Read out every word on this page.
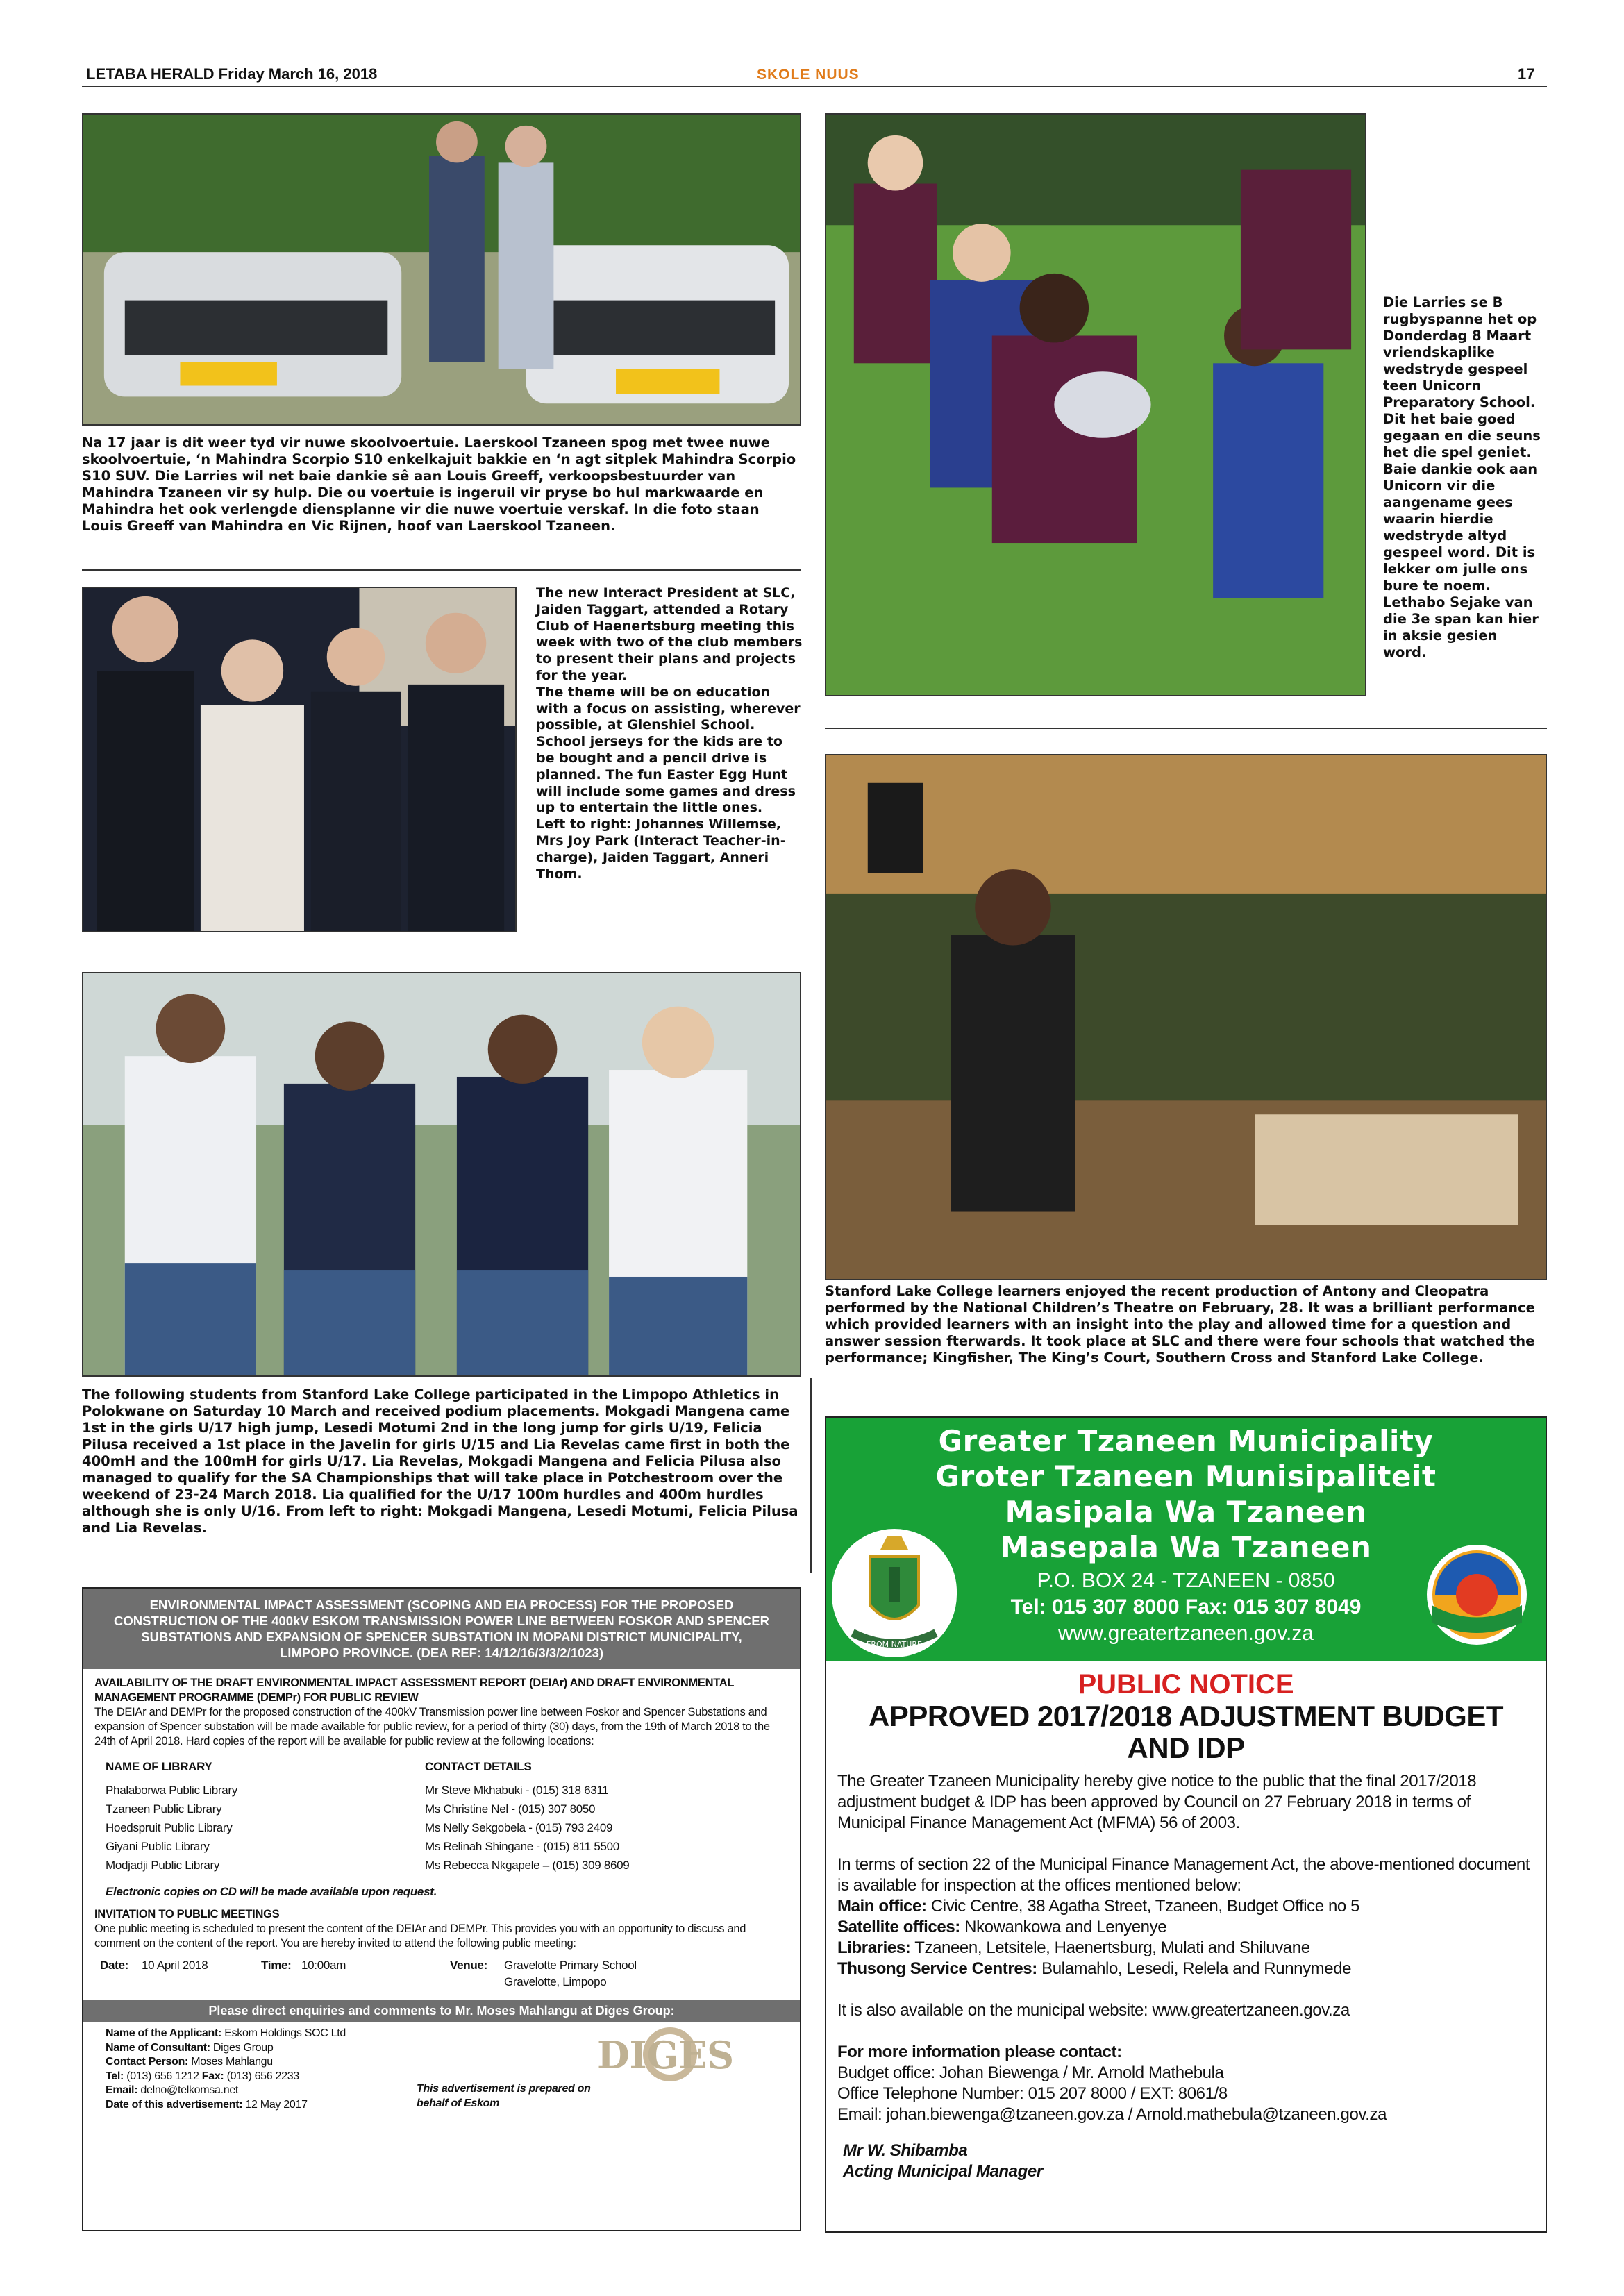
LETABA HERALD Friday March 16, 2018	SKOLE NUUS	17
Na 17 jaar is dit weer tyd vir nuwe skoolvoertuie. Laerskool Tzaneen spog met twee nuwe skoolvoertuie, ‘n Mahindra Scorpio S10 enkelkajuit bakkie en ‘n agt sitplek Mahindra Scorpio S10 SUV. Die Larries wil net baie dankie sê aan Louis Greeff, verkoopsbestuurder van Mahindra Tzaneen vir sy hulp. Die ou voertuie is ingeruil vir pryse bo hul markwaarde en Mahindra het ook verlengde diensplanne vir die nuwe voertuie verskaf. In die foto staan Louis Greeff van Mahindra en Vic Rijnen, hoof van Laerskool Tzaneen.

The new Interact President at SLC, Jaiden Taggart, attended a Rotary Club of Haenertsburg meeting this week with two of the club members to present their plans and projects for the year.

The theme will be on education with a focus on assisting, wherever possible, at Glenshiel School. School jerseys for the kids are to be bought and a pencil drive is planned. The fun Easter Egg Hunt will include some games and dress up to entertain the little ones.

Left to right: Johannes Willemse, Mrs Joy Park (Interact Teacher-in-charge), Jaiden Taggart, Anneri Thom.

The following students from Stanford Lake College participated in the Limpopo Athletics in Polokwane on Saturday 10 March and received podium placements. Mokgadi Mangena came 1st in the girls U/17 high jump, Lesedi Motumi 2nd in the long jump for girls U/19, Felicia Pilusa received a 1st place in the Javelin for girls U/15 and Lia Revelas came first in both the 400mH and the 100mH for girls U/17. Lia Revelas, Mokgadi Mangena and Felicia Pilusa also managed to qualify for the SA Championships that will take place in Potchestroom over the weekend of 23-24 March 2018. Lia qualified for the U/17 100m hurdles and 400m hurdles although she is only U/16. From left to right: Mokgadi Mangena, Lesedi Motumi, Felicia Pilusa and Lia Revelas.
Die Larries se B rugbyspanne het op Donderdag 8 Maart vriendskaplike wedstryde gespeel teen Unicorn Preparatory School. Dit het baie goed gegaan en die seuns het die spel geniet. Baie dankie ook aan Unicorn vir die aangename gees waarin hierdie wedstryde altyd gespeel word. Dit is lekker om julle ons bure te noem. Lethabo Sejake van die 3e span kan hier in aksie gesien word.
Stanford Lake College learners enjoyed the recent production of Antony and Cleopatra performed by the National Children’s Theatre on February, 28. It was a brilliant performance which provided learners with an insight into the play and allowed time for a question and answer session fterwards. It took place at SLC and there were four schools that watched the performance; Kingfisher, The King’s Court, Southern Cross and Stanford Lake College.
ENVIRONMENTAL IMPACT ASSESSMENT (SCOPING AND EIA PROCESS) FOR THE PROPOSED CONSTRUCTION OF THE 400kV ESKOM TRANSMISSION POWER LINE BETWEEN FOSKOR AND SPENCER SUBSTATIONS AND EXPANSION OF SPENCER SUBSTATION IN MOPANI DISTRICT MUNICIPALITY, LIMPOPO PROVINCE. (DEA REF: 14/12/16/3/3/2/1023)
AVAILABILITY OF THE DRAFT ENVIRONMENTAL IMPACT ASSESSMENT REPORT (DEIAr) AND DRAFT ENVIRONMENTAL MANAGEMENT PROGRAMME (DEMPr) FOR PUBLIC REVIEW
The DEIAr and DEMPr for the proposed construction of the 400kV Transmission power line between Foskor and Spencer Substations and expansion of Spencer substation will be made available for public review, for a period of thirty (30) days, from the 19th of March 2018 to the 24th of April 2018. Hard copies of the report will be available for public review at the following locations:
NAME OF LIBRARY	CONTACT DETAILS
Phalaborwa Public Library	Mr Steve Mkhabuki - (015) 318 6311
Tzaneen Public Library	Ms Christine Nel - (015) 307 8050
Hoedspruit Public Library	Ms Nelly Sekgobela - (015) 793 2409
Giyani Public Library	Ms Relinah Shingane - (015) 811 5500
Modjadji Public Library	Ms Rebecca Nkgapele – (015) 309 8609
Electronic copies on CD will be made available upon request.
INVITATION TO PUBLIC MEETINGS
One public meeting is scheduled to present the content of the DEIAr and DEMPr. This provides you with an opportunity to discuss and comment on the content of the report. You are hereby invited to attend the following public meeting:
Date: 10 April 2018	Time: 10:00am	Venue: Gravelotte Primary School
Gravelotte, Limpopo
Please direct enquiries and comments to Mr. Moses Mahlangu at Diges Group:
Name of the Applicant: Eskom Holdings SOC Ltd
Name of Consultant: Diges Group
Contact Person: Moses Mahlangu
Tel: (013) 656 1212 Fax: (013) 656 2233
Email: delno@telkomsa.net
Date of this advertisement: 12 May 2017
This advertisement is prepared on behalf of Eskom
DIGES
Greater Tzaneen Municipality
Groter Tzaneen Munisipaliteit
Masipala Wa Tzaneen
Masepala Wa Tzaneen
FROM NATURE
P.O. BOX 24 - TZANEEN - 0850
Tel: 015 307 8000 Fax: 015 307 8049
www.greatertzaneen.gov.za
PUBLIC NOTICE
APPROVED 2017/2018 ADJUSTMENT BUDGET
AND IDP

The Greater Tzaneen Municipality hereby give notice to the public that the final 2017/2018 adjustment budget & IDP has been approved by Council on 27 February 2018 in terms of Municipal Finance Management Act (MFMA) 56 of 2003.

In terms of section 22 of the Municipal Finance Management Act, the above-mentioned document is available for inspection at the offices mentioned below:

Main office: Civic Centre, 38 Agatha Street, Tzaneen, Budget Office no 5

Satellite offices: Nkowankowa and Lenyenye

Libraries: Tzaneen, Letsitele, Haenertsburg, Mulati and Shiluvane

Thusong Service Centres: Bulamahlo, Lesedi, Relela and Runnymede

It is also available on the municipal website: www.greatertzaneen.gov.za

For more information please contact:

Budget office: Johan Biewenga / Mr. Arnold Mathebula

Office Telephone Number: 015 207 8000 / EXT: 8061/8

Email: johan.biewenga@tzaneen.gov.za / Arnold.mathebula@tzaneen.gov.za

Mr W. Shibamba

Acting Municipal Manager
